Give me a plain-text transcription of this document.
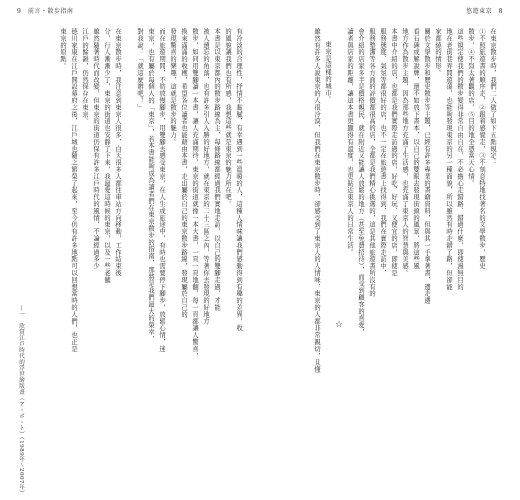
9　前言・散步指南	悠遊東京　8
在東京散步時，我們二人做了如下五點規定：
①不照旅遊書的順序走，②跟着感覺走，③不刻意特地找著名的文學散步，歷史
散步，④不寫太著觀的店，⑤目的地全憑當天心情。
這些規定使我們的散步變得非常自由自在，不必擔心走錯路、錯過什麼，即使漫無目的
地在老街巷弄間遊蕩，也能夠發現東京的另一種面貌，所以雖然有時走錯了路，但卻能
家都繞的情形。
關於文學散步和歷史散步等主題，已經有許多專業的書籍資料，但與其一手拿著書，邊走邊
看石碑或解說牌，還不如放下書本，以自己的雙眼去發現街頭的風景，將這些風
地方作為散步主題，因為那些地方充滿了生活感，也充滿了東京人的智慧與美感。
本書中介紹的店，也都是我們實際走訪過的店，好吃、好玩、又便宜的店，即使是
服務態度、氣氛等都很好的店，也不一定在旅遊書上找得到，我們在實際走訪中，
服務整潔等各方面的評價都很高的店，全都是我們精心挑選的，這是其他旅遊書所沒有的
會介紹的店家多半是價格親民、就在附近又能讓人放鬆的地方（甚至免費招待），而受到顧客的喜愛，
讀者與店家的距離，讓這本書更顯得有溫度，也更貼近東京人的日常生活。
☆
東京是這樣的城市。
雖然有許多人說東京的人很冷漠，但我們在東京散步時，卻感受到了東京人的人情味，東京的人都非常親切，且懂
有冷淡的合理性，抒情不黏膩，有幸遇到一些溫暖的人，這種人情味讓我們感動得到有趣的差異，收
的風貌讓我們也有所感，我想這些就是東京的魅力所在吧。
本書是以東京都內的散步路線為主，每條路線都經過我們實地走訪，以自己的雙腳走過，才能
被人遺忘的角落，也有許多引人入勝的好地方，就在東京的二十三區之內，等著你去發現的好地方
散步，如同用雙腳讀一本書，讓人充滿期待，東京的街道就像一本大書，一頁一頁地翻，每一頁都讓人驚喜，
換來滿滿的收穫，希望各位讀者也能藉由本書，走出屬於自己的東京散步路線，發現屬於自己的
發現驚喜的樂趣，這就是散步的魅力。
而在旅遊期間，不妨放慢腳步，用雙腳去感受東京，在人生或旅途中，有時也需要停下腳步，放鬆心情，迷
東京，也有屬於每個人的「東京」，若本書能夠成為讀者們在東京散步的指南，那將是我們最大的榮幸，
對我說：「就這麼辦吧！」
在東京散步時，我注意到東京人很多，白天很多人都往車站方向移動，工作結束後
分，行人漸漸少了，東京的街道也安靜了下來，我最愛這時候的東京，以及一些老舖
雖然隨著時代而改變，但東京的街道仍保有許多江戶時代的風情，不論經過多少
江戶的餘韻，仍然保存在東京。
德川家康在江戶開設幕府之後，江戶城也隨之繁榮了起來，至今仍有許多地點可以回想當時的人們，也正是
東京的原點。
—一　欣賞江戶時代的浮世繪版畫（ア・ボ・ト）（1989年～2007年）
